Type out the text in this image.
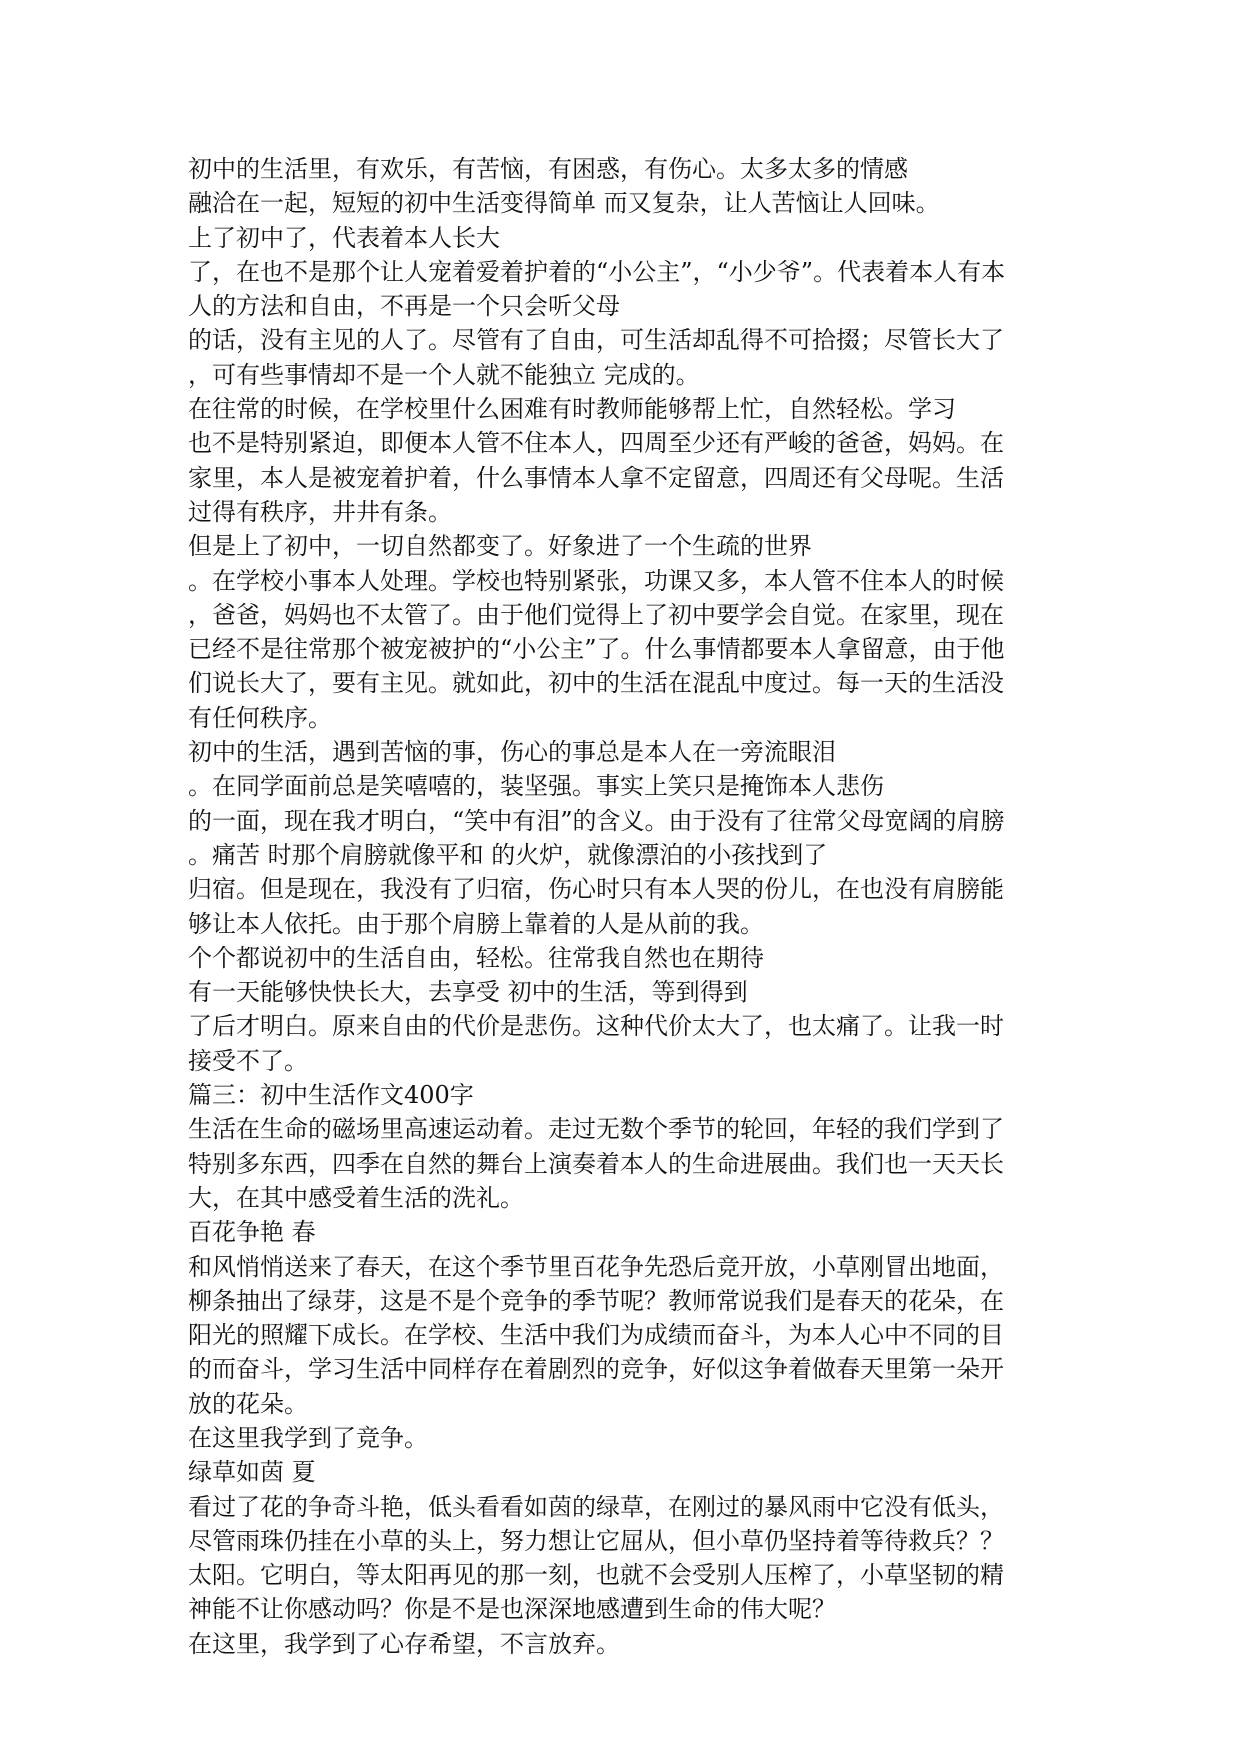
初中的生活里，有欢乐，有苦恼，有困惑，有伤心。太多太多的情感
融洽在一起，短短的初中生活变得简单 而又复杂，让人苦恼让人回味。
上了初中了，代表着本人长大
了，在也不是那个让人宠着爱着护着的“小公主”，“小少爷”。代表着本人有本
人的方法和自由，不再是一个只会听父母
的话，没有主见的人了。尽管有了自由，可生活却乱得不可拾掇；尽管长大了
，可有些事情却不是一个人就不能独立 完成的。
在往常的时候，在学校里什么困难有时教师能够帮上忙，自然轻松。学习
也不是特别紧迫，即便本人管不住本人，四周至少还有严峻的爸爸，妈妈。在
家里，本人是被宠着护着，什么事情本人拿不定留意，四周还有父母呢。生活
过得有秩序，井井有条。
但是上了初中，一切自然都变了。好象进了一个生疏的世界
。在学校小事本人处理。学校也特别紧张，功课又多，本人管不住本人的时候
，爸爸，妈妈也不太管了。由于他们觉得上了初中要学会自觉。在家里，现在
已经不是往常那个被宠被护的“小公主”了。什么事情都要本人拿留意，由于他
们说长大了，要有主见。就如此，初中的生活在混乱中度过。每一天的生活没
有任何秩序。
初中的生活，遇到苦恼的事，伤心的事总是本人在一旁流眼泪
。在同学面前总是笑嘻嘻的，装坚强。事实上笑只是掩饰本人悲伤
的一面，现在我才明白，“笑中有泪”的含义。由于没有了往常父母宽阔的肩膀
。痛苦 时那个肩膀就像平和 的火炉，就像漂泊的小孩找到了
归宿。但是现在，我没有了归宿，伤心时只有本人哭的份儿，在也没有肩膀能
够让本人依托。由于那个肩膀上靠着的人是从前的我。
个个都说初中的生活自由，轻松。往常我自然也在期待
有一天能够快快长大，去享受 初中的生活，等到得到
了后才明白。原来自由的代价是悲伤。这种代价太大了，也太痛了。让我一时
接受不了。
篇三：初中生活作文400字
生活在生命的磁场里高速运动着。走过无数个季节的轮回，年轻的我们学到了
特别多东西，四季在自然的舞台上演奏着本人的生命进展曲。我们也一天天长
大，在其中感受着生活的洗礼。
百花争艳 春
和风悄悄送来了春天，在这个季节里百花争先恐后竞开放，小草刚冒出地面，
柳条抽出了绿芽，这是不是个竞争的季节呢？教师常说我们是春天的花朵，在
阳光的照耀下成长。在学校、生活中我们为成绩而奋斗，为本人心中不同的目
的而奋斗，学习生活中同样存在着剧烈的竞争，好似这争着做春天里第一朵开
放的花朵。
在这里我学到了竞争。
绿草如茵 夏
看过了花的争奇斗艳，低头看看如茵的绿草，在刚过的暴风雨中它没有低头，
尽管雨珠仍挂在小草的头上，努力想让它屈从，但小草仍坚持着等待救兵？？
太阳。它明白，等太阳再见的那一刻，也就不会受别人压榨了，小草坚韧的精
神能不让你感动吗？你是不是也深深地感遭到生命的伟大呢？
在这里，我学到了心存希望，不言放弃。
